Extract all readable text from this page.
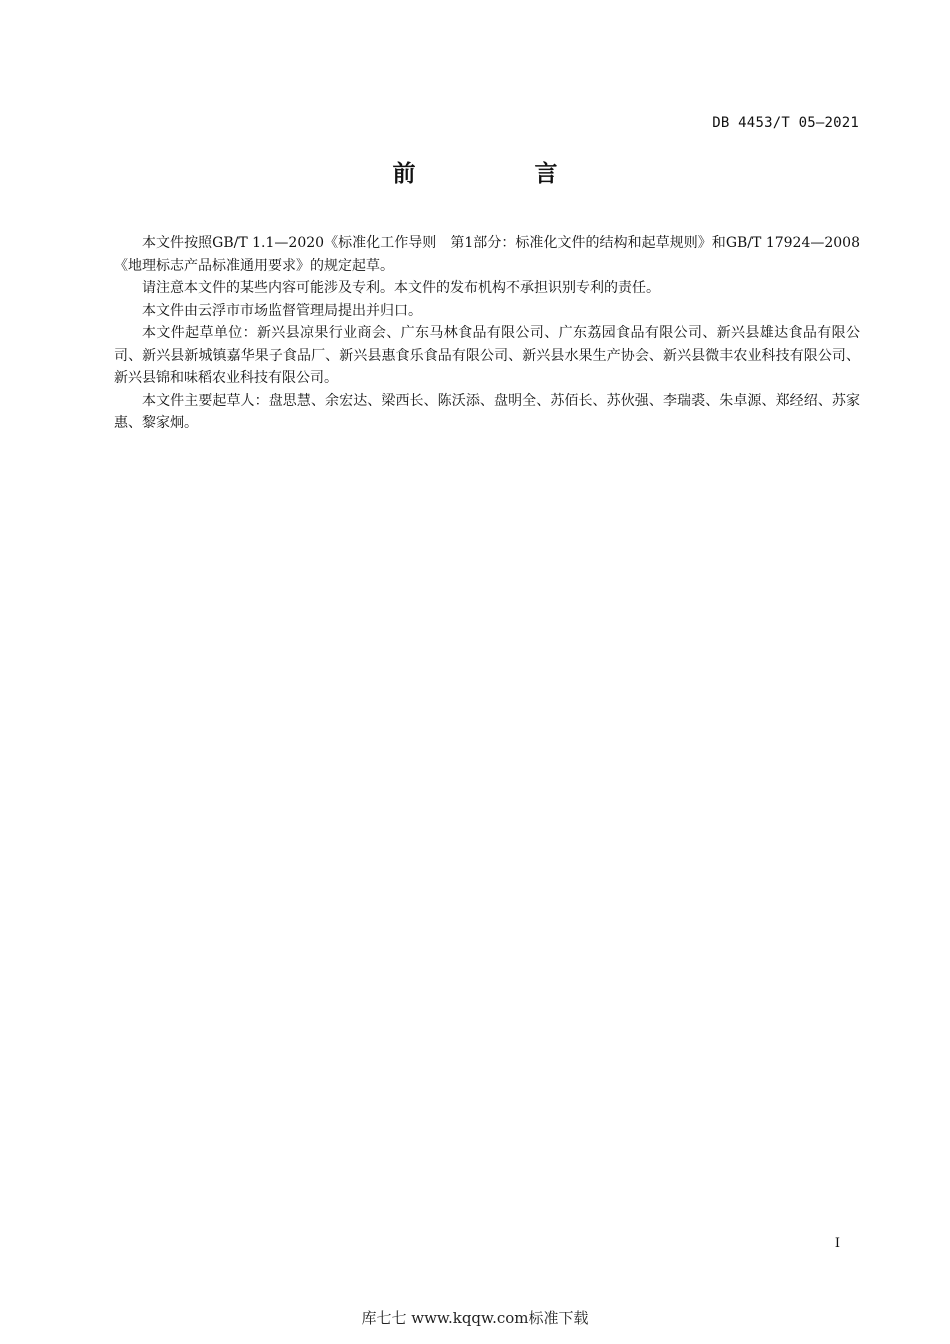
DB 4453/T 05—2021
前　言

本文件按照GB/T 1.1—2020《标准化工作导则　第1部分：标准化文件的结构和起草规则》和GB/T 17924—2008《地理标志产品标准通用要求》的规定起草。

请注意本文件的某些内容可能涉及专利。本文件的发布机构不承担识别专利的责任。

本文件由云浮市市场监督管理局提出并归口。

本文件起草单位：新兴县凉果行业商会、广东马林食品有限公司、广东荔园食品有限公司、新兴县雄达食品有限公司、新兴县新城镇嘉华果子食品厂、新兴县惠食乐食品有限公司、新兴县水果生产协会、新兴县微丰农业科技有限公司、新兴县锦和味稻农业科技有限公司。

本文件主要起草人：盘思慧、余宏达、梁西长、陈沃添、盘明全、苏佰长、苏伙强、李瑞裘、朱卓源、郑经绍、苏家惠、黎家炯。

I
库七七 www.kqqw.com标准下载
